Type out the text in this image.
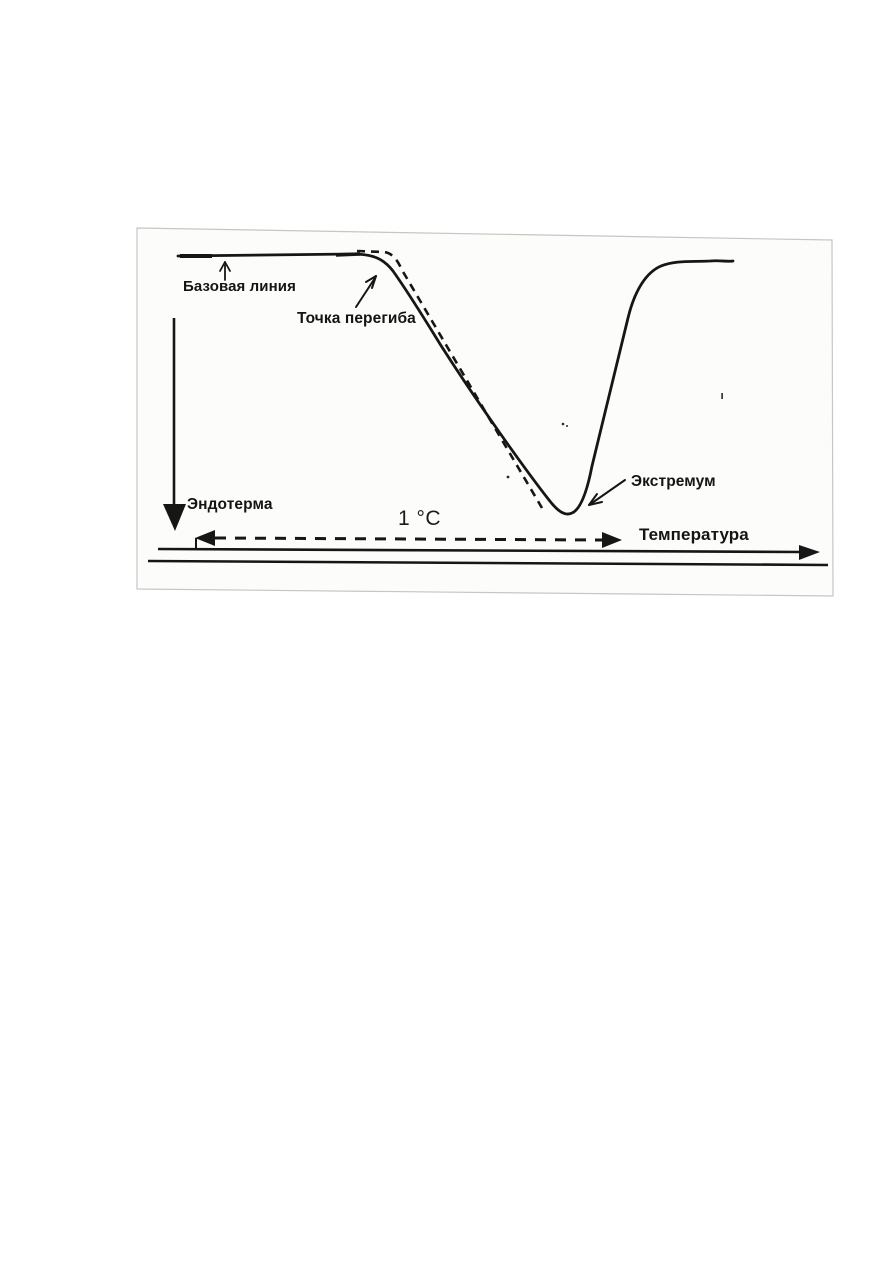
Базовая линия
Точка перегиба
Эндотерма
Экстремум
1 °C
Температура
